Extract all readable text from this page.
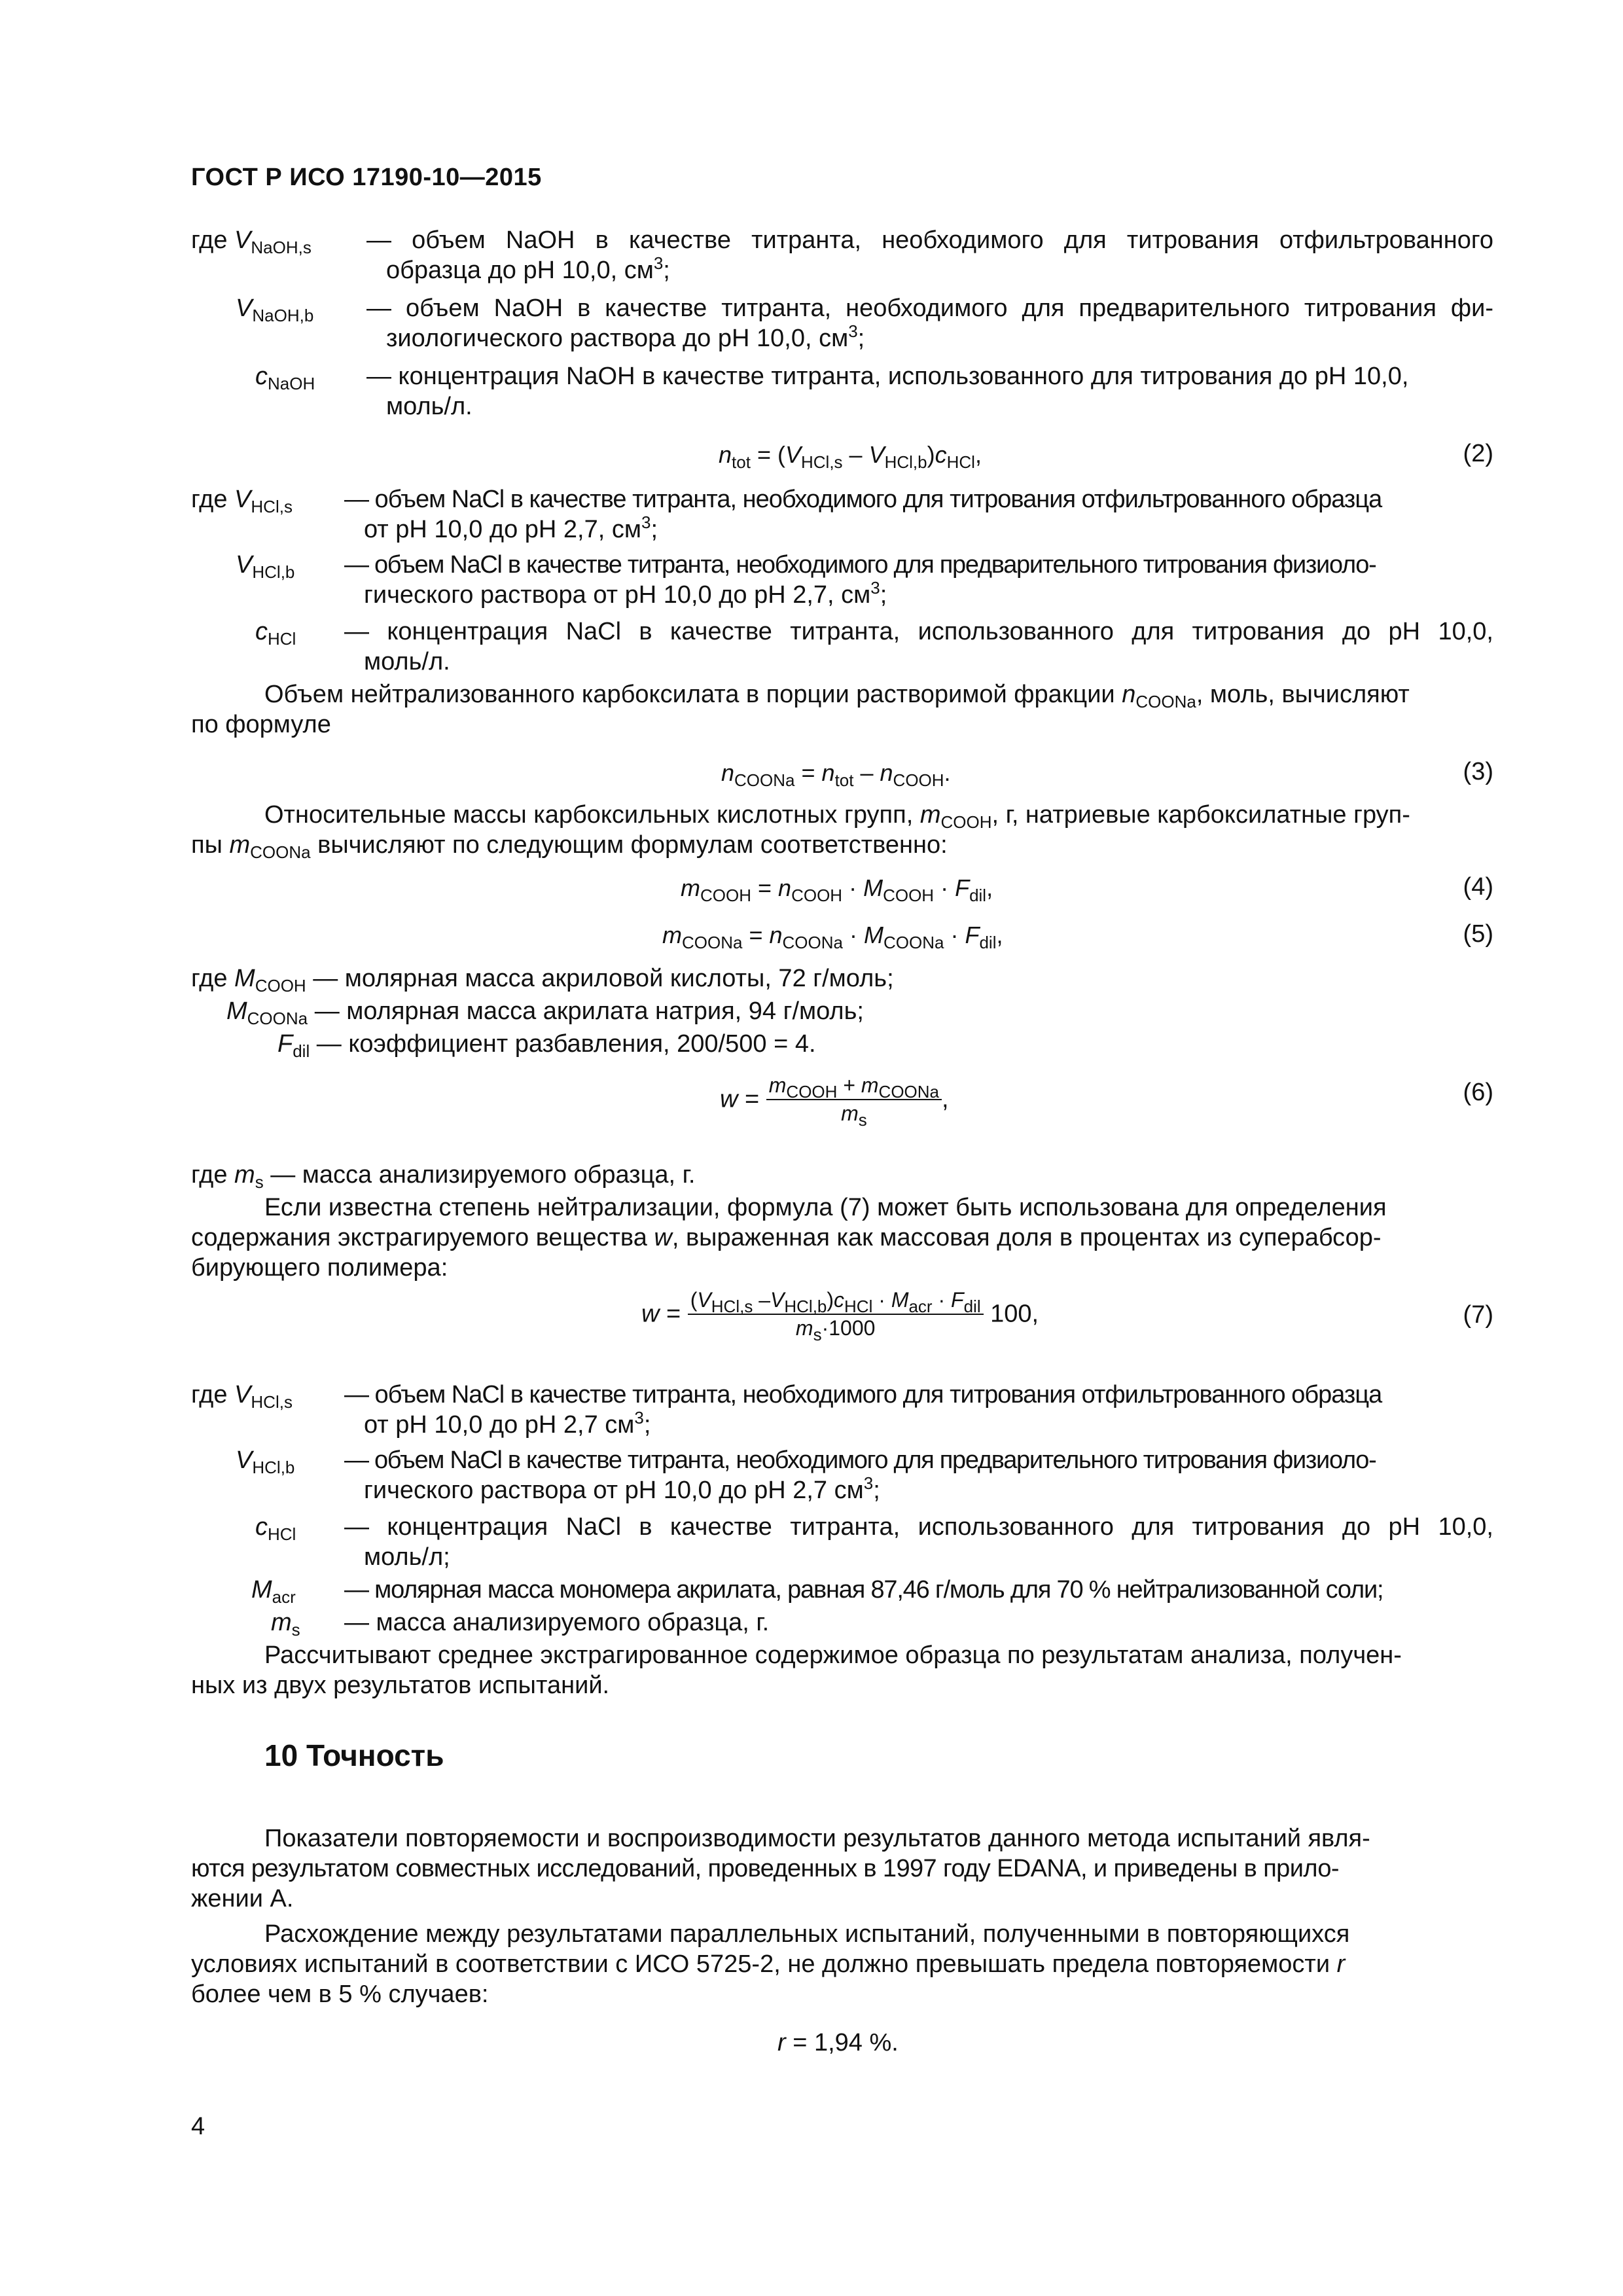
ГОСТ Р ИСО 17190-10—2015
где $V_{NaOH,s}$ — объем NaOH в качестве титранта, необходимого для титрования отфильтрованного
образца до pH 10,0, $см^3$;
$V_{NaOH,b}$ — объем NaOH в качестве титранта, необходимого для предварительного титрования фи-
зиологического раствора до pH 10,0, $см^3$;
$c_{NaOH}$ — концентрация NaOH в качестве титранта, использованного для титрования до pH 10,0,
моль/л.
$n_{tot} = (V_{HCl,s} - V_{HCl,b})c_{HCl}$,	(2)
где $V_{HCl,s}$ — объем NaCl в качестве титранта, необходимого для титрования отфильтрованного образца
от pH 10,0 до pH 2,7, $см^3$;
$V_{HCl,b}$ — объем NaCl в качестве титранта, необходимого для предварительного титрования физиоло-
гического раствора от pH 10,0 до pH 2,7, $см^3$;
$c_{HCl}$ — концентрация NaCl в качестве титранта, использованного для титрования до pH 10,0,
моль/л.
Объем нейтрализованного карбоксилата в порции растворимой фракции $n_{COONa}$, моль, вычисляют
по формуле
$n_{COONa} = n_{tot} - n_{COOH}$.	(3)
Относительные массы карбоксильных кислотных групп, $m_{COOH}$, г, натриевые карбоксилатные груп-
пы $m_{COONa}$ вычисляют по следующим формулам соответственно:
$m_{COOH} = n_{COOH} \cdot M_{COOH} \cdot F_{dil}$,	(4)
$m_{COONa} = n_{COONa} \cdot M_{COONa} \cdot F_{dil}$,	(5)
где $M_{COOH}$ — молярная масса акриловой кислоты, 72 г/моль;
$M_{COONa}$ — молярная масса акрилата натрия, 94 г/моль;
$F_{dil}$ — коэффициент разбавления, 200/500 = 4.
$w = \frac{m_{COOH} + m_{COONa}}{m_s}$ ,	(6)
где $m_s$ — масса анализируемого образца, г.
Если известна степень нейтрализации, формула (7) может быть использована для определения
содержания экстрагируемого вещества w, выраженная как массовая доля в процентах из суперабсор-
бирующего полимера:
$w = \frac{(V_{HCl,s} -V_{HCl,b})c_{HCl} \cdot M_{acr} \cdot F_{dil}}{m_s\cdot 1000} 100$,	(7)
где $V_{HCl,s}$ — объем NaCl в качестве титранта, необходимого для титрования отфильтрованного образца
от pH 10,0 до pH 2,7 $см^3$;
$V_{HCl,b}$ — объем NaCl в качестве титранта, необходимого для предварительного титрования физиоло-
гического раствора от pH 10,0 до pH 2,7 $см^3$;
$c_{HCl}$ — концентрация NaCl в качестве титранта, использованного для титрования до pH 10,0,
моль/л;
$M_{acr}$ — молярная масса мономера акрилата, равная 87,46 г/моль для 70 % нейтрализованной соли;
$m_s$ — масса анализируемого образца, г.
Рассчитывают среднее экстрагированное содержимое образца по результатам анализа, получен-
ных из двух результатов испытаний.
10 Точность
Показатели повторяемости и воспроизводимости результатов данного метода испытаний явля-
ются результатом совместных исследований, проведенных в 1997 году EDANA, и приведены в прило-
жении А.
Расхождение между результатами параллельных испытаний, полученными в повторяющихся
условиях испытаний в соответствии с ИСО 5725-2, не должно превышать предела повторяемости r
более чем в 5 % случаев:
r = 1,94 %.
4
